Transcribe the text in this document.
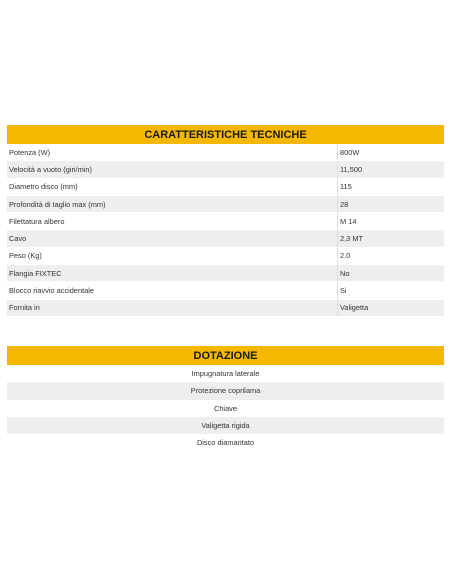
CARATTERISTICHE TECNICHE
Potenza (W)	800W
Velocità a vuoto (giri/min)	11,500
Diametro disco (mm)	115
Profondità di taglio max (mm)	28
Filettatura albero	M 14
Cavo	2,3 MT
Peso (Kg)	2.0
Flangia FIXTEC	No
Blocco riavvio accidentale	Si
Fornita in	Valigetta
DOTAZIONE
Impugnatura laterale
Protezione coprilama
Chiave
Valigetta rigida
Disco diamantato
